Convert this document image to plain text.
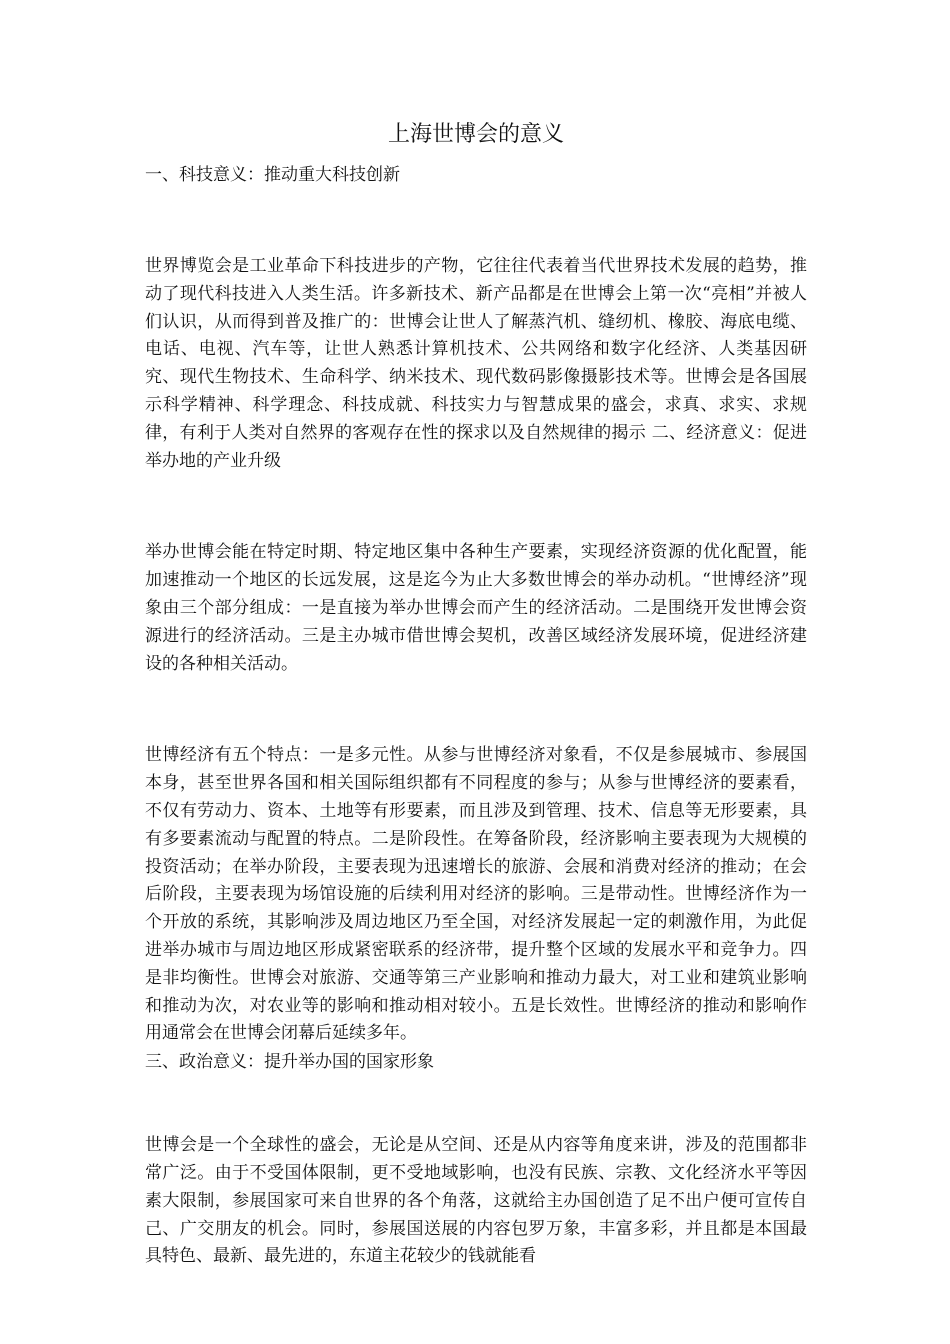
上海世博会的意义

一、科技意义：推动重大科技创新

世界博览会是工业革命下科技进步的产物，它往往代表着当代世界技术发展的趋势，推动了现代科技进入人类生活。许多新技术、新产品都是在世博会上第一次“亮相”并被人们认识，从而得到普及推广的：世博会让世人了解蒸汽机、缝纫机、橡胶、海底电缆、电话、电视、汽车等，让世人熟悉计算机技术、公共网络和数字化经济、人类基因研究、现代生物技术、生命科学、纳米技术、现代数码影像摄影技术等。世博会是各国展示科学精神、科学理念、科技成就、科技实力与智慧成果的盛会，求真、求实、求规律，有利于人类对自然界的客观存在性的探求以及自然规律的揭示 二、经济意义：促进举办地的产业升级

举办世博会能在特定时期、特定地区集中各种生产要素，实现经济资源的优化配置，能加速推动一个地区的长远发展，这是迄今为止大多数世博会的举办动机。“世博经济”现象由三个部分组成：一是直接为举办世博会而产生的经济活动。二是围绕开发世博会资源进行的经济活动。三是主办城市借世博会契机，改善区域经济发展环境，促进经济建设的各种相关活动。

世博经济有五个特点：一是多元性。从参与世博经济对象看，不仅是参展城市、参展国本身，甚至世界各国和相关国际组织都有不同程度的参与；从参与世博经济的要素看，不仅有劳动力、资本、土地等有形要素，而且涉及到管理、技术、信息等无形要素，具有多要素流动与配置的特点。二是阶段性。在筹备阶段，经济影响主要表现为大规模的投资活动；在举办阶段，主要表现为迅速增长的旅游、会展和消费对经济的推动；在会后阶段，主要表现为场馆设施的后续利用对经济的影响。三是带动性。世博经济作为一个开放的系统，其影响涉及周边地区乃至全国，对经济发展起一定的刺激作用，为此促进举办城市与周边地区形成紧密联系的经济带，提升整个区域的发展水平和竞争力。四是非均衡性。世博会对旅游、交通等第三产业影响和推动力最大，对工业和建筑业影响和推动为次，对农业等的影响和推动相对较小。五是长效性。世博经济的推动和影响作用通常会在世博会闭幕后延续多年。

三、政治意义：提升举办国的国家形象

世博会是一个全球性的盛会，无论是从空间、还是从内容等角度来讲，涉及的范围都非常广泛。由于不受国体限制，更不受地域影响，也没有民族、宗教、文化经济水平等因素大限制，参展国家可来自世界的各个角落，这就给主办国创造了足不出户便可宣传自己、广交朋友的机会。同时，参展国送展的内容包罗万象，丰富多彩，并且都是本国最具特色、最新、最先进的，东道主花较少的钱就能看
